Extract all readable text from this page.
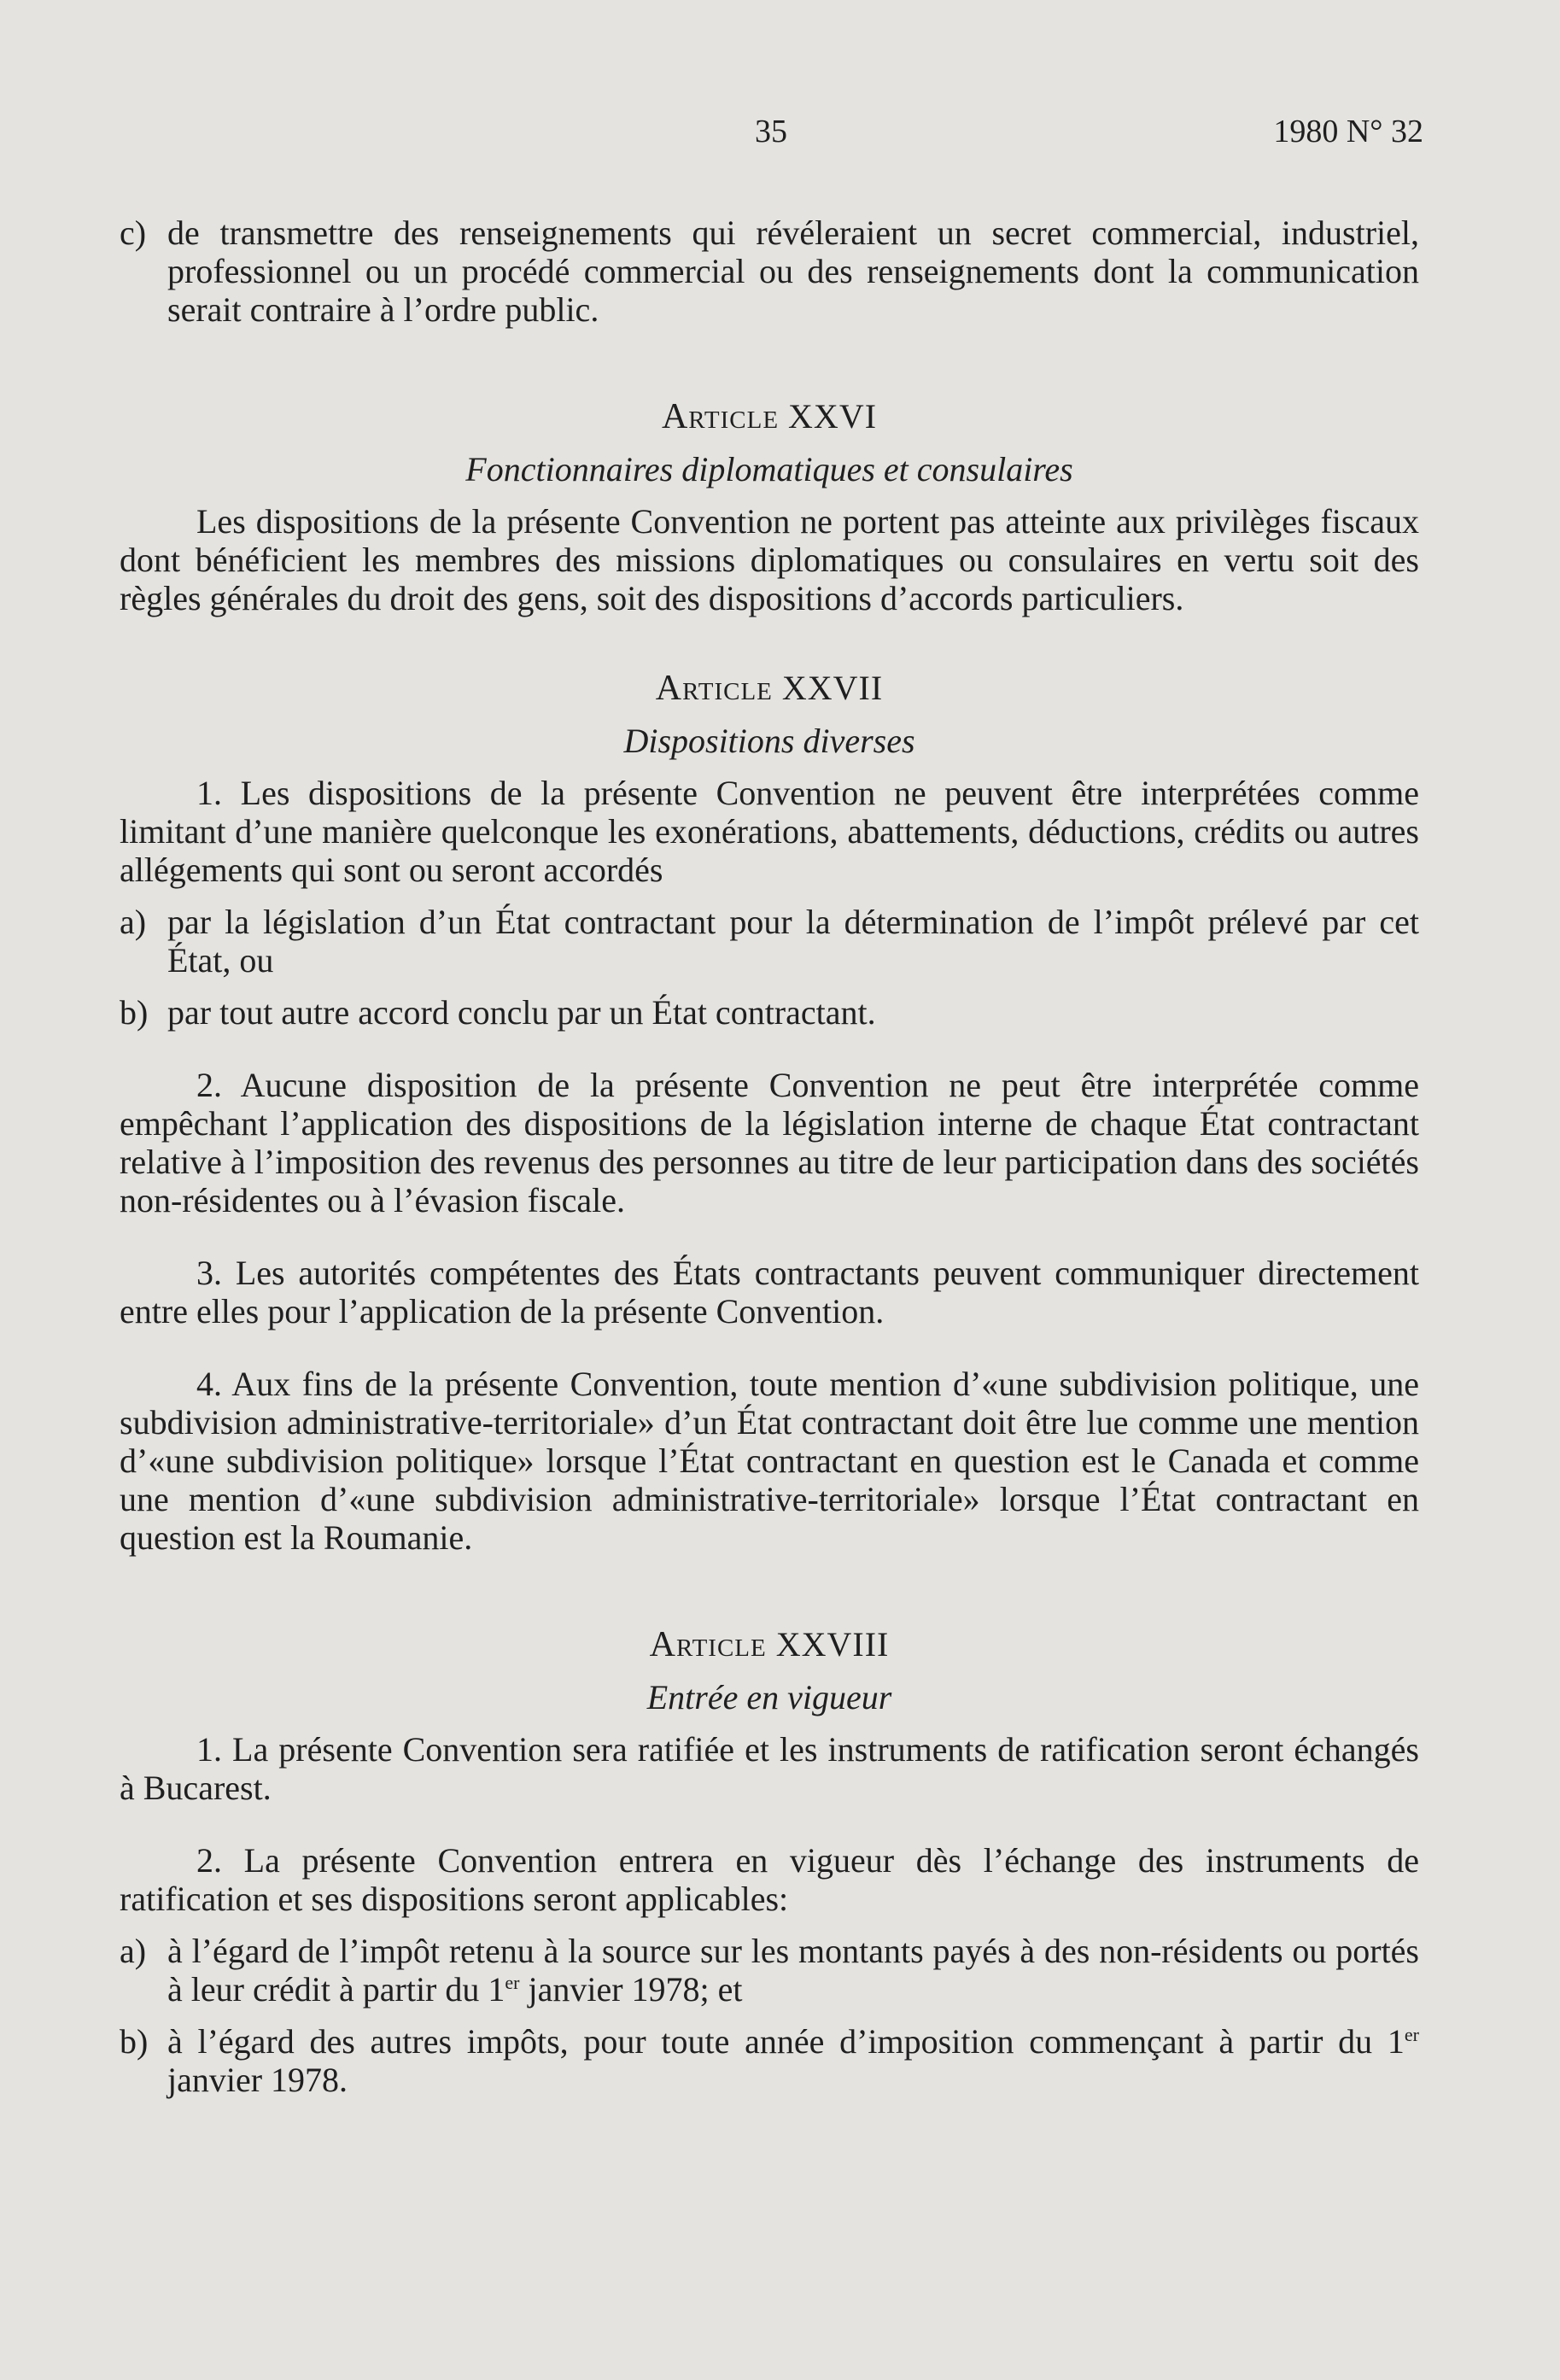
35	1980 N° 32
c) de transmettre des renseignements qui révéleraient un secret commercial, industriel, professionnel ou un procédé commercial ou des renseignements dont la communication serait contraire à l’ordre public.
Article XXVI
Fonctionnaires diplomatiques et consulaires

Les dispositions de la présente Convention ne portent pas atteinte aux privilèges fiscaux dont bénéficient les membres des missions diplomatiques ou consulaires en vertu soit des règles générales du droit des gens, soit des dispositions d’accords particuliers.

Article XXVII
Dispositions diverses

1. Les dispositions de la présente Convention ne peuvent être interprétées comme limitant d’une manière quelconque les exonérations, abattements, déductions, crédits ou autres allégements qui sont ou seront accordés

a) par la législation d’un État contractant pour la détermination de l’impôt prélevé par cet État, ou
b) par tout autre accord conclu par un État contractant.

2. Aucune disposition de la présente Convention ne peut être interprétée comme empêchant l’application des dispositions de la législation interne de chaque État contractant relative à l’imposition des revenus des personnes au titre de leur participation dans des sociétés non-résidentes ou à l’évasion fiscale.

3. Les autorités compétentes des États contractants peuvent communiquer directement entre elles pour l’application de la présente Convention.

4. Aux fins de la présente Convention, toute mention d’«une subdivision politique, une subdivision administrative-territoriale» d’un État contractant doit être lue comme une mention d’«une subdivision politique» lorsque l’État contractant en question est le Canada et comme une mention d’«une subdivision administrative-territoriale» lorsque l’État contractant en question est la Roumanie.

Article XXVIII
Entrée en vigueur

1. La présente Convention sera ratifiée et les instruments de ratification seront échangés à Bucarest.

2. La présente Convention entrera en vigueur dès l’échange des instruments de ratification et ses dispositions seront applicables:

a) à l’égard de l’impôt retenu à la source sur les montants payés à des non-résidents ou portés à leur crédit à partir du 1er janvier 1978; et
b) à l’égard des autres impôts, pour toute année d’imposition commençant à partir du 1er janvier 1978.
